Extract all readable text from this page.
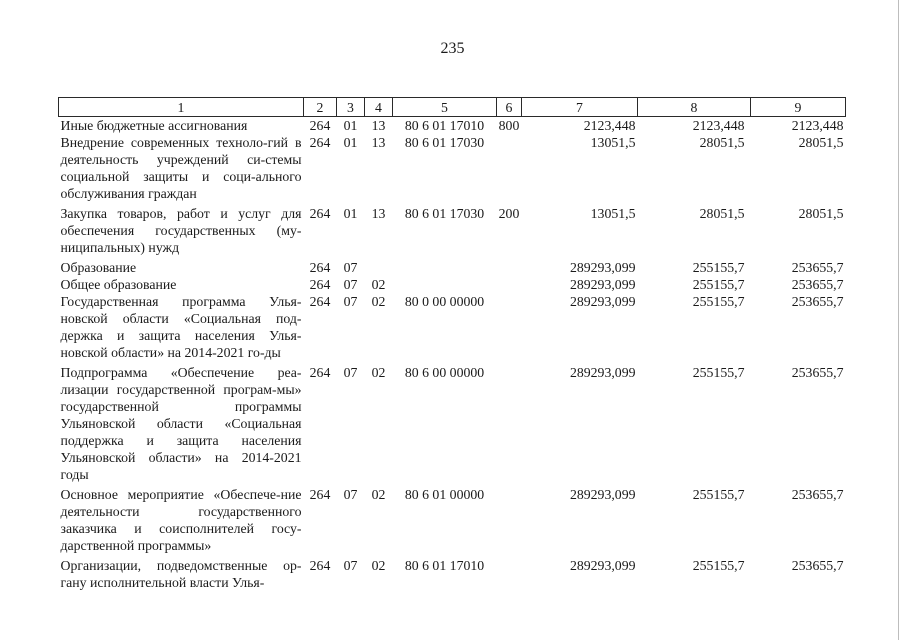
235
1	2	3	4	5	6	7	8	9
Иные бюджетные ассигнования	264	01	13	80 6 01 17010	800	2123,448	2123,448	2123,448
Внедрение современных техноло-гий в деятельность учреждений си-стемы социальной защиты и соци-ального обслуживания граждан	264	01	13	80 6 01 17030		13051,5	28051,5	28051,5
Закупка товаров, работ и услуг для обеспечения государственных (му-ниципальных) нужд	264	01	13	80 6 01 17030	200	13051,5	28051,5	28051,5
Образование	264	07				289293,099	255155,7	253655,7
Общее образование	264	07	02			289293,099	255155,7	253655,7
Государственная программа Улья-новской области «Социальная под-держка и защита населения Улья-новской области» на 2014-2021 го-ды	264	07	02	80 0 00 00000		289293,099	255155,7	253655,7
Подпрограмма «Обеспечение реа-лизации государственной програм-мы» государственной программы Ульяновской области «Социальная поддержка и защита населения Ульяновской области» на 2014-2021 годы	264	07	02	80 6 00 00000		289293,099	255155,7	253655,7
Основное мероприятие «Обеспече-ние деятельности государственного заказчика и соисполнителей госу-дарственной программы»	264	07	02	80 6 01 00000		289293,099	255155,7	253655,7
Организации, подведомственные ор-гану исполнительной власти Улья-	264	07	02	80 6 01 17010		289293,099	255155,7	253655,7
